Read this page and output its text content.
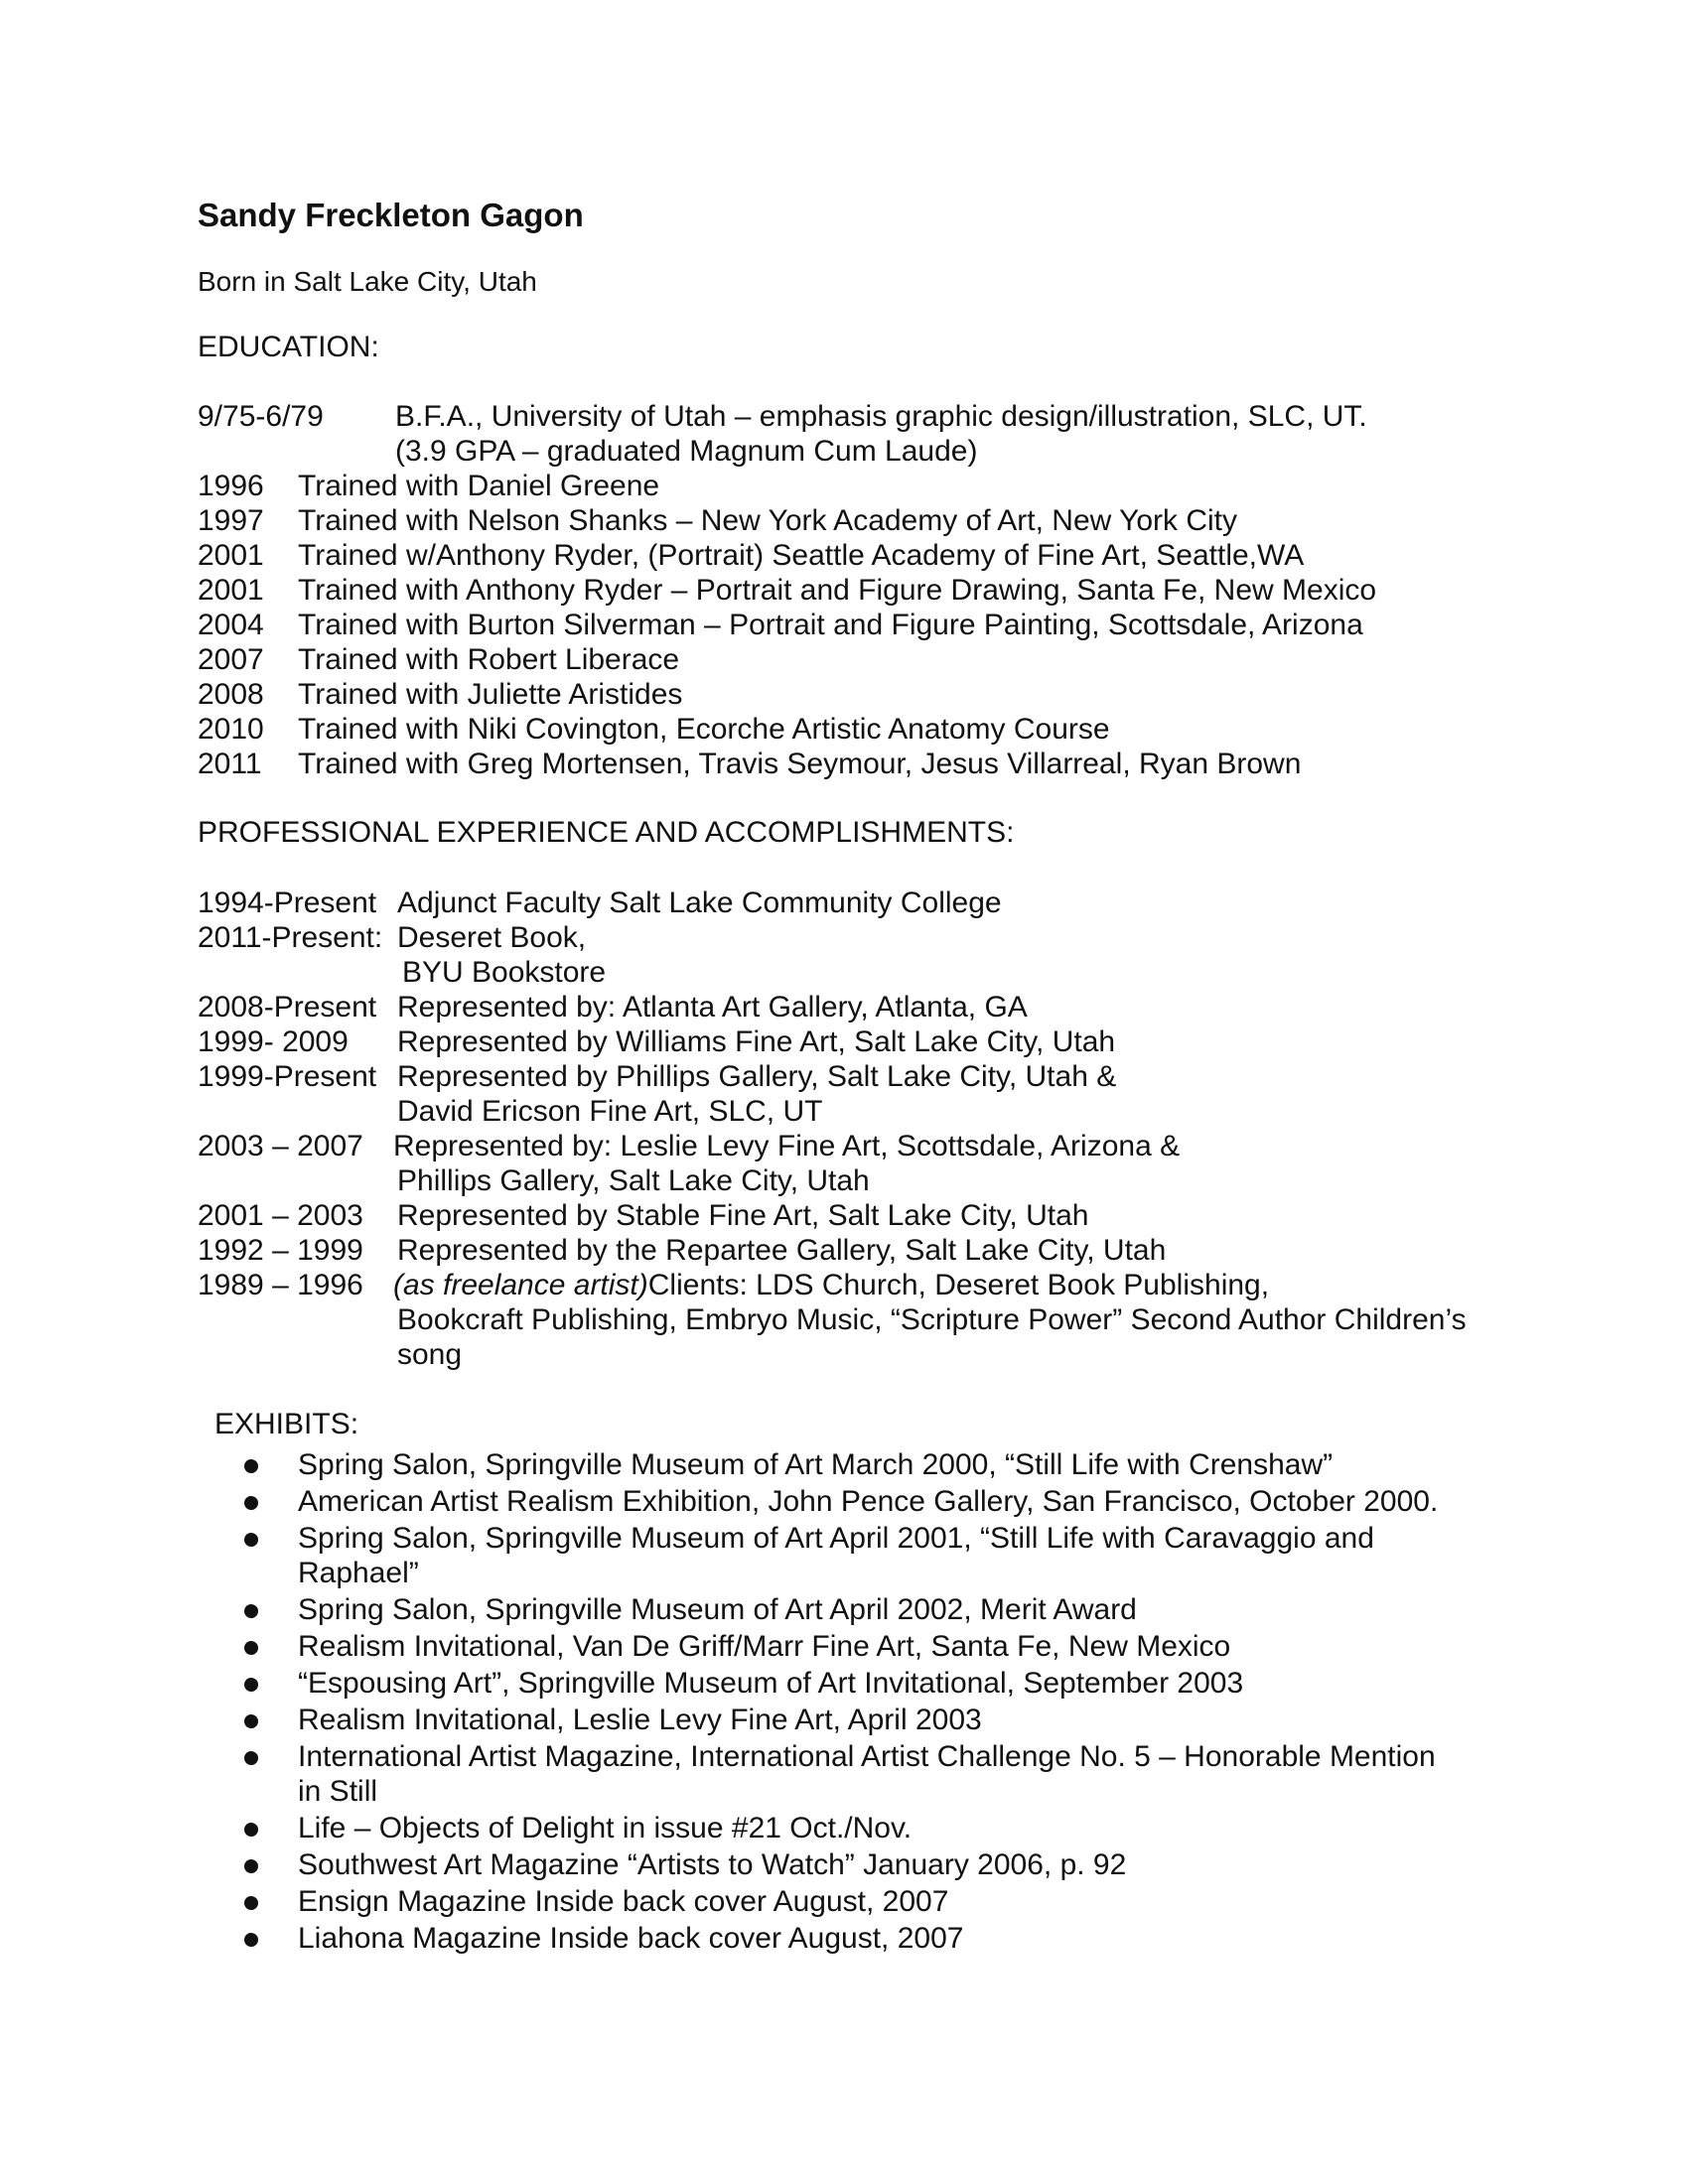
Sandy Freckleton Gagon
Born in Salt Lake City, Utah
EDUCATION:
9/75-6/79 B.F.A., University of Utah – emphasis graphic design/illustration, SLC, UT.
(3.9 GPA – graduated Magnum Cum Laude)
1996 Trained with Daniel Greene
1997 Trained with Nelson Shanks – New York Academy of Art, New York City
2001 Trained w/Anthony Ryder, (Portrait) Seattle Academy of Fine Art, Seattle,WA
2001 Trained with Anthony Ryder – Portrait and Figure Drawing, Santa Fe, New Mexico
2004 Trained with Burton Silverman – Portrait and Figure Painting, Scottsdale, Arizona
2007 Trained with Robert Liberace
2008 Trained with Juliette Aristides
2010 Trained with Niki Covington, Ecorche Artistic Anatomy Course
2011 Trained with Greg Mortensen, Travis Seymour, Jesus Villarreal, Ryan Brown
PROFESSIONAL EXPERIENCE AND ACCOMPLISHMENTS:
1994-Present Adjunct Faculty Salt Lake Community College
2011-Present: Deseret Book,
BYU Bookstore
2008-Present Represented by: Atlanta Art Gallery, Atlanta, GA
1999- 2009 Represented by Williams Fine Art, Salt Lake City, Utah
1999-Present Represented by Phillips Gallery, Salt Lake City, Utah &
David Ericson Fine Art, SLC, UT
2003 – 2007 Represented by: Leslie Levy Fine Art, Scottsdale, Arizona &
Phillips Gallery, Salt Lake City, Utah
2001 – 2003 Represented by Stable Fine Art, Salt Lake City, Utah
1992 – 1999 Represented by the Repartee Gallery, Salt Lake City, Utah
1989 – 1996 (as freelance artist)Clients: LDS Church, Deseret Book Publishing,
Bookcraft Publishing, Embryo Music, “Scripture Power” Second Author Children’s
song
EXHIBITS:
Spring Salon, Springville Museum of Art March 2000, “Still Life with Crenshaw”
American Artist Realism Exhibition, John Pence Gallery, San Francisco, October 2000.
Spring Salon, Springville Museum of Art April 2001, “Still Life with Caravaggio and
Raphael”
Spring Salon, Springville Museum of Art April 2002, Merit Award
Realism Invitational, Van De Griff/Marr Fine Art, Santa Fe, New Mexico
“Espousing Art”, Springville Museum of Art Invitational, September 2003
Realism Invitational, Leslie Levy Fine Art, April 2003
International Artist Magazine, International Artist Challenge No. 5 – Honorable Mention
in Still
Life – Objects of Delight in issue #21 Oct./Nov.
Southwest Art Magazine “Artists to Watch” January 2006, p. 92
Ensign Magazine Inside back cover August, 2007
Liahona Magazine Inside back cover August, 2007
